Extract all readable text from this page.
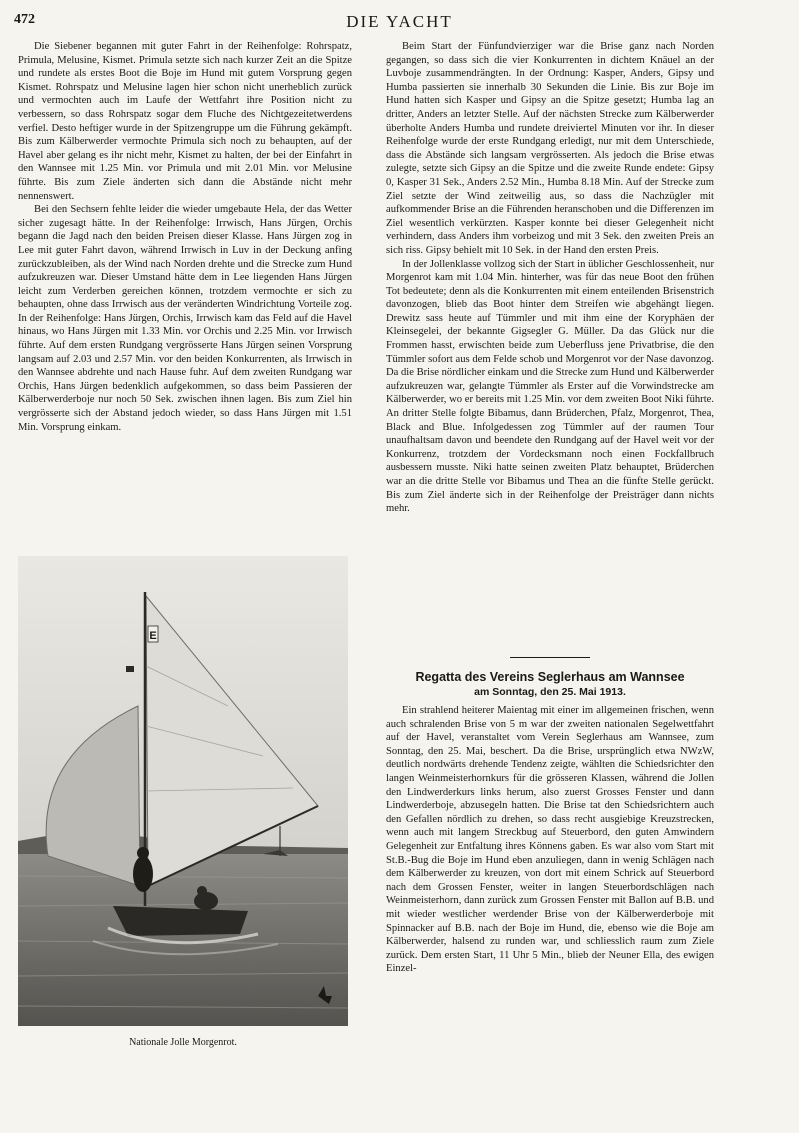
472	DIE YACHT

Die Siebener begannen mit guter Fahrt in der Reihenfolge: Rohrspatz, Primula, Melusine, Kismet. Primula setzte sich nach kurzer Zeit an die Spitze und rundete als erstes Boot die Boje im Hund mit gutem Vorsprung gegen Kismet. Rohrspatz und Melusine lagen hier schon nicht unerheblich zurück und vermochten auch im Laufe der Wettfahrt ihre Position nicht zu verbessern, so dass Rohrspatz sogar dem Fluche des Nichtgezeitetwerdens verfiel. Desto heftiger wurde in der Spitzengruppe um die Führung gekämpft. Bis zum Kälberwerder vermochte Primula sich noch zu behaupten, auf der Havel aber gelang es ihr nicht mehr, Kismet zu halten, der bei der Einfahrt in den Wannsee mit 1.25 Min. vor Primula und mit 2.01 Min. vor Melusine führte. Bis zum Ziele änderten sich dann die Abstände nicht mehr nennenswert.

Bei den Sechsern fehlte leider die wieder umgebaute Hela, der das Wetter sicher zugesagt hätte. In der Reihenfolge: Irrwisch, Hans Jürgen, Orchis begann die Jagd nach den beiden Preisen dieser Klasse. Hans Jürgen zog in Lee mit guter Fahrt davon, während Irrwisch in Luv in der Deckung anfing zurückzubleiben, als der Wind nach Norden drehte und die Strecke zum Hund aufzukreuzen war. Dieser Umstand hätte dem in Lee liegenden Hans Jürgen leicht zum Verderben gereichen können, trotzdem vermochte er sich zu behaupten, ohne dass Irrwisch aus der veränderten Windrichtung Vorteile zog. In der Reihenfolge: Hans Jürgen, Orchis, Irrwisch kam das Feld auf die Havel hinaus, wo Hans Jürgen mit 1.33 Min. vor Orchis und 2.25 Min. vor Irrwisch führte. Auf dem ersten Rundgang vergrösserte Hans Jürgen seinen Vorsprung langsam auf 2.03 und 2.57 Min. vor den beiden Konkurrenten, als Irrwisch in den Wannsee abdrehte und nach Hause fuhr. Auf dem zweiten Rundgang war Orchis, Hans Jürgen bedenklich aufgekommen, so dass beim Passieren der Kälberwerderboje nur noch 50 Sek. zwischen ihnen lagen. Bis zum Ziel hin vergrösserte sich der Abstand jedoch wieder, so dass Hans Jürgen mit 1.51 Min. Vorsprung einkam.

E
Nationale Jolle Morgenrot.

Beim Start der Fünfundvierziger war die Brise ganz nach Norden gegangen, so dass sich die vier Konkurrenten in dichtem Knäuel an der Luvboje zusammendrängten. In der Ordnung: Kasper, Anders, Gipsy und Humba passierten sie innerhalb 30 Sekunden die Linie. Bis zur Boje im Hund hatten sich Kasper und Gipsy an die Spitze gesetzt; Humba lag an dritter, Anders an letzter Stelle. Auf der nächsten Strecke zum Kälberwerder überholte Anders Humba und rundete dreiviertel Minuten vor ihr. In dieser Reihenfolge wurde der erste Rundgang erledigt, nur mit dem Unterschiede, dass die Abstände sich langsam vergrösserten. Als jedoch die Brise etwas zulegte, setzte sich Gipsy an die Spitze und die zweite Runde endete: Gipsy 0, Kasper 31 Sek., Anders 2.52 Min., Humba 8.18 Min. Auf der Strecke zum Ziel setzte der Wind zeitweilig aus, so dass die Nachzügler mit aufkommender Brise an die Führenden heranschoben und die Differenzen im Ziel wesentlich verkürzten. Kasper konnte bei dieser Gelegenheit nicht verhindern, dass Anders ihm vorbeizog und mit 3 Sek. den zweiten Preis an sich riss. Gipsy behielt mit 10 Sek. in der Hand den ersten Preis.

In der Jollenklasse vollzog sich der Start in üblicher Geschlossenheit, nur Morgenrot kam mit 1.04 Min. hinterher, was für das neue Boot den frühen Tot bedeutete; denn als die Konkurrenten mit einem enteilenden Brisenstrich davonzogen, blieb das Boot hinter dem Streifen wie abgehängt liegen. Drewitz sass heute auf Tümmler und mit ihm eine der Koryphäen der Kleinsegelei, der bekannte Gigsegler G. Müller. Da das Glück nur die Frommen hasst, erwischten beide zum Ueberfluss jene Privatbrise, die den Tümmler sofort aus dem Felde schob und Morgenrot vor der Nase davonzog. Da die Brise nördlicher einkam und die Strecke zum Hund und Kälberwerder aufzukreuzen war, gelangte Tümmler als Erster auf die Vorwindstrecke am Kälberwerder, wo er bereits mit 1.25 Min. vor dem zweiten Boot Niki führte. An dritter Stelle folgte Bibamus, dann Brüderchen, Pfalz, Morgenrot, Thea, Black and Blue. Infolgedessen zog Tümmler auf der raumen Tour unaufhaltsam davon und beendete den Rundgang auf der Havel weit vor der Konkurrenz, trotzdem der Vordecksmann noch einen Fockfallbruch ausbessern musste. Niki hatte seinen zweiten Platz behauptet, Brüderchen war an die dritte Stelle vor Bibamus und Thea an die fünfte Stelle gerückt. Bis zum Ziel änderte sich in der Reihenfolge der Preisträger dann nichts mehr.

Regatta des Vereins Seglerhaus am Wannsee
am Sonntag, den 25. Mai 1913.

Ein strahlend heiterer Maientag mit einer im allgemeinen frischen, wenn auch schralenden Brise von 5 m war der zweiten nationalen Segelwettfahrt auf der Havel, veranstaltet vom Verein Seglerhaus am Wannsee, zum Sonntag, den 25. Mai, beschert. Da die Brise, ursprünglich etwa NWzW, deutlich nordwärts drehende Tendenz zeigte, wählten die Schiedsrichter den langen Weinmeisterhornkurs für die grösseren Klassen, während die Jollen den Lindwerderkurs links herum, also zuerst Grosses Fenster und dann Lindwerderboje, abzusegeln hatten. Die Brise tat den Schiedsrichtern auch den Gefallen nördlich zu drehen, so dass recht ausgiebige Kreuzstrecken, wenn auch mit langem Streckbug auf Steuerbord, den guten Amwindern Gelegenheit zur Entfaltung ihres Könnens gaben. Es war also vom Start mit St.B.-Bug die Boje im Hund eben anzuliegen, dann in wenig Schlägen nach dem Kälberwerder zu kreuzen, von dort mit einem Schrick auf Steuerbord nach dem Grossen Fenster, weiter in langen Steuerbordschlägen nach Weinmeisterhorn, dann zurück zum Grossen Fenster mit Ballon auf B.B. und mit wieder westlicher werdender Brise von der Kälberwerderboje mit Spinnacker auf B.B. nach der Boje im Hund, die, ebenso wie die Boje am Kälberwerder, halsend zu runden war, und schliesslich raum zum Ziele zurück. Dem ersten Start, 11 Uhr 5 Min., blieb der Neuner Ella, des ewigen Einzel-
